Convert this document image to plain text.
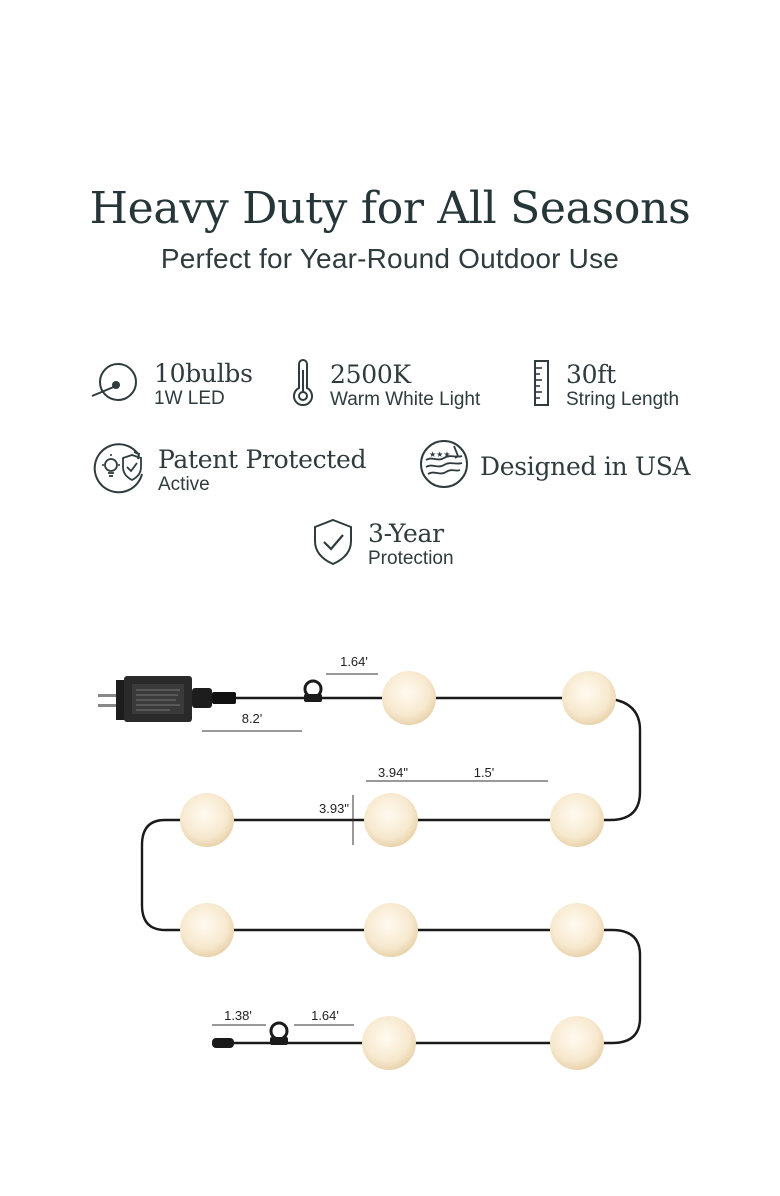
Heavy Duty for All Seasons
Perfect for Year-Round Outdoor Use
10bulbs
1W LED
2500K
Warm White Light
30ft
String Length
Patent Protected
Active
★★★ Designed in USA
3-Year
Protection
1.64'
8.2'
3.94"	1.5'
3.93"
1.38'	1.64'
